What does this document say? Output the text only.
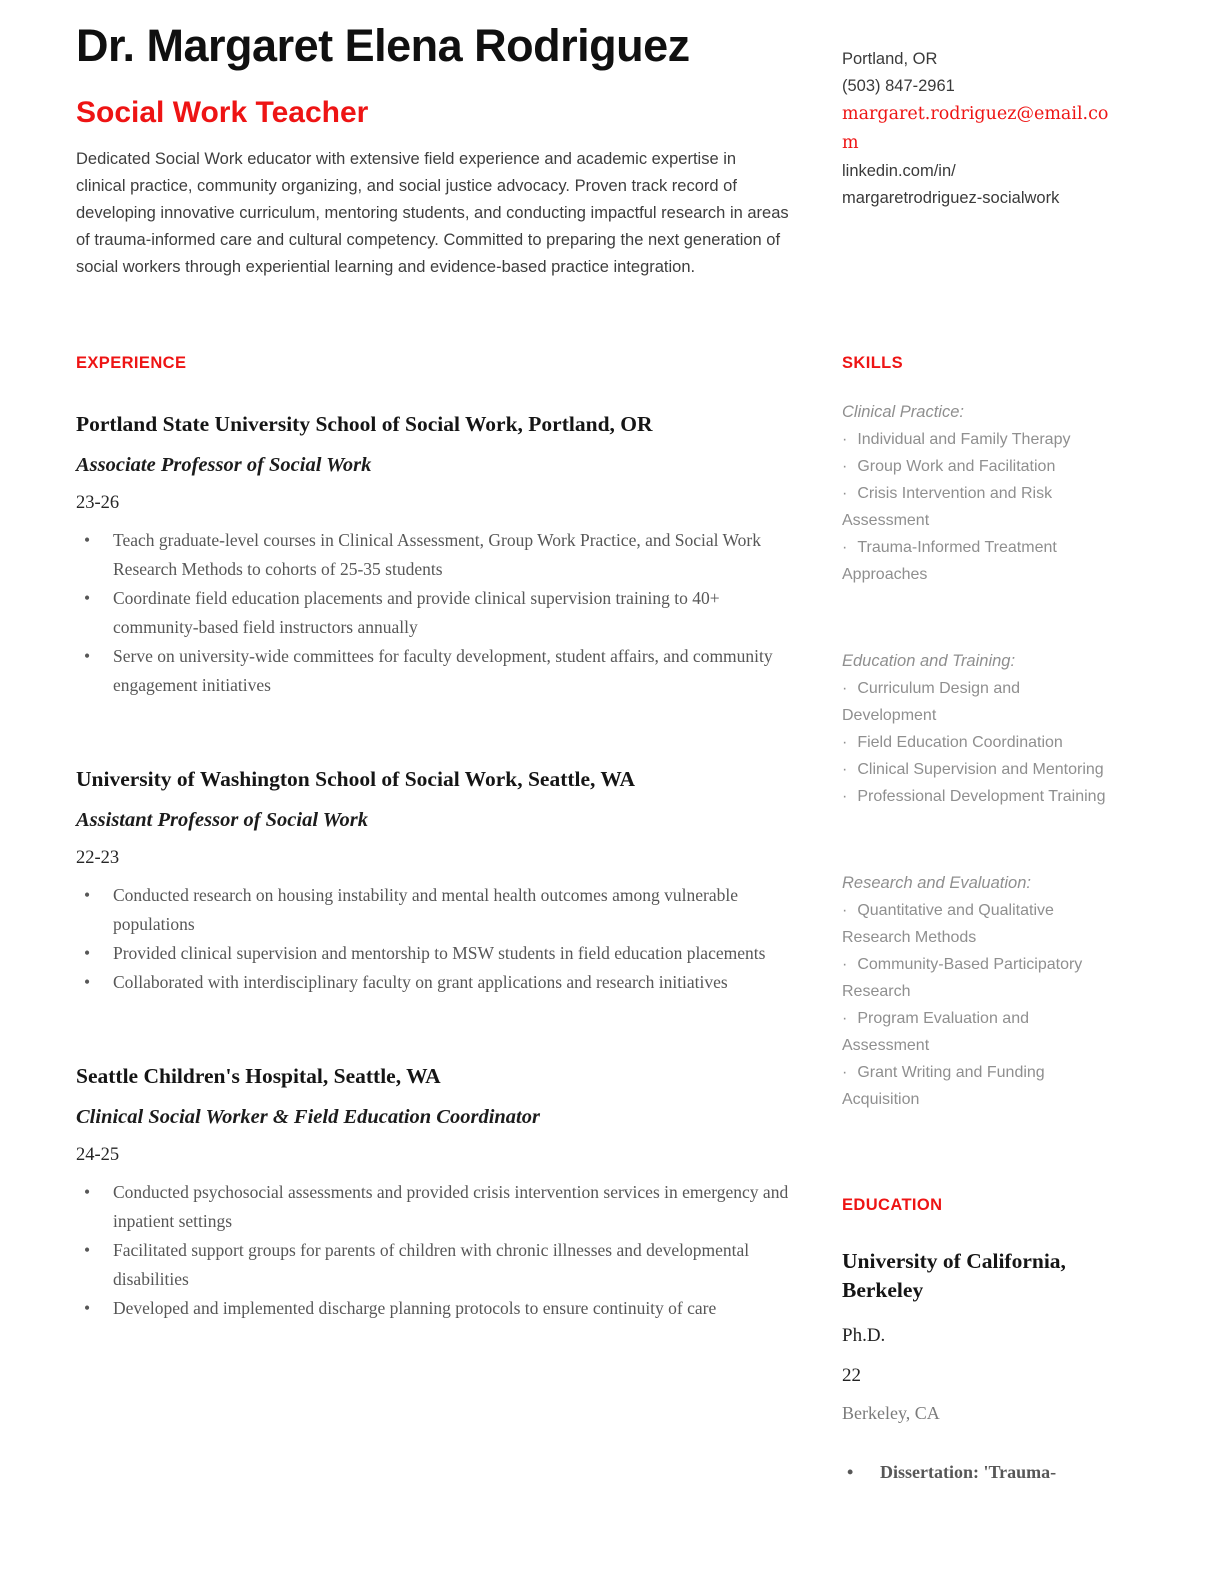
Dr. Margaret Elena Rodriguez
Social Work Teacher

Dedicated Social Work educator with extensive field experience and academic expertise in clinical practice, community organizing, and social justice advocacy. Proven track record of developing innovative curriculum, mentoring students, and conducting impactful research in areas of trauma-informed care and cultural competency. Committed to preparing the next generation of social workers through experiential learning and evidence-based practice integration.

Portland, OR
(503) 847-2961
margaret.rodriguez@email.com
linkedin.com/in/
margaretrodriguez-socialwork
EXPERIENCE
Portland State University School of Social Work, Portland, OR
Associate Professor of Social Work
23-26
• Teach graduate-level courses in Clinical Assessment, Group Work Practice, and Social Work Research Methods to cohorts of 25-35 students
• Coordinate field education placements and provide clinical supervision training to 40+ community-based field instructors annually
• Serve on university-wide committees for faculty development, student affairs, and community engagement initiatives
University of Washington School of Social Work, Seattle, WA
Assistant Professor of Social Work
22-23
• Conducted research on housing instability and mental health outcomes among vulnerable populations
• Provided clinical supervision and mentorship to MSW students in field education placements
• Collaborated with interdisciplinary faculty on grant applications and research initiatives
Seattle Children's Hospital, Seattle, WA
Clinical Social Worker & Field Education Coordinator
24-25
• Conducted psychosocial assessments and provided crisis intervention services in emergency and inpatient settings
• Facilitated support groups for parents of children with chronic illnesses and developmental disabilities
• Developed and implemented discharge planning protocols to ensure continuity of care
SKILLS
Clinical Practice:
· Individual and Family Therapy
· Group Work and Facilitation
· Crisis Intervention and Risk Assessment
· Trauma-Informed Treatment Approaches
Education and Training:
· Curriculum Design and Development
· Field Education Coordination
· Clinical Supervision and Mentoring
· Professional Development Training
Research and Evaluation:
· Quantitative and Qualitative Research Methods
· Community-Based Participatory Research
· Program Evaluation and Assessment
· Grant Writing and Funding Acquisition
EDUCATION
University of California, Berkeley
Ph.D.
22
Berkeley, CA
• Dissertation: 'Trauma-
